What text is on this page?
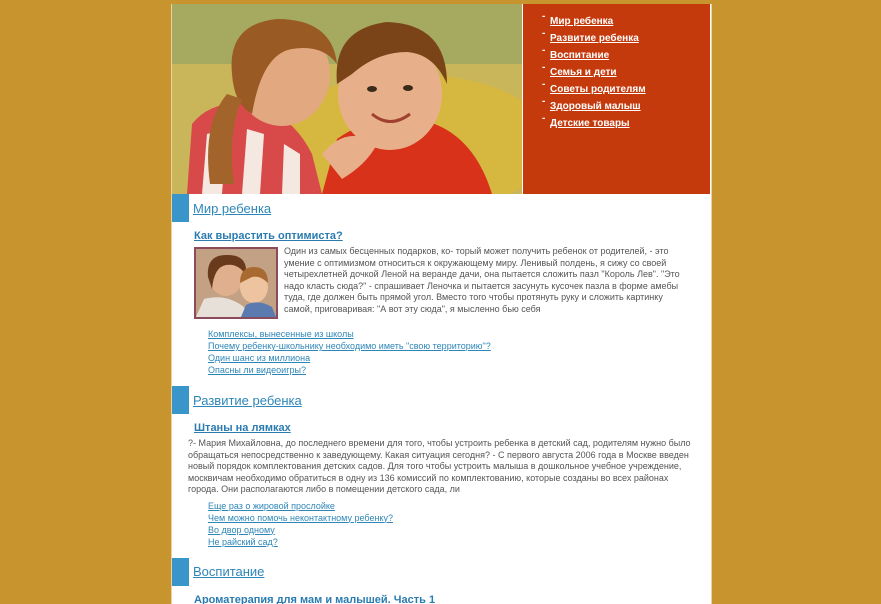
- Мир ребенка
- Развитие ребенка
- Воспитание
- Семья и дети
- Советы родителям
- Здоровый малыш
- Детские товары
Мир ребенка
Как вырастить оптимиста?
Один из самых бесценных подарков, ко- торый может получить ребенок от родителей, - это умение с оптимизмом относиться к окружающему миру. Ленивый полдень, я сижу со своей четырехлетней дочкой Леной на веранде дачи, она пытается сложить пазл "Король Лев". "Это надо класть сюда?" - спрашивает Леночка и пытается засунуть кусочек пазла в форме амебы туда, где должен быть прямой угол. Вместо того чтобы протянуть руку и сложить картинку самой, приговаривая: "А вот эту сюда", я мысленно бью себя
Комплексы, вынесенные из школы
Почему ребенку-школьнику необходимо иметь "свою территорию"?
Один шанс из миллиона
Опасны ли видеоигры?
Развитие ребенка
Штаны на лямках
?- Мария Михайловна, до последнего времени для того, чтобы устроить ребенка в детский сад, родителям нужно было обращаться непосредственно к заведующему. Какая ситуация сегодня? - С первого августа 2006 года в Москве введен новый порядок комплектования детских садов. Для того чтобы устроить малыша в дошкольное учебное учреждение, москвичам необходимо обратиться в одну из 136 комиссий по комплектованию, которые созданы во всех районах города. Они располагаются либо в помещении детского сада, ли
Еще раз о жировой прослойке
Чем можно помочь неконтактному ребенку?
Во двор одному
Не райский сад?
Воспитание
Ароматерапия для мам и малышей. Часть 1
